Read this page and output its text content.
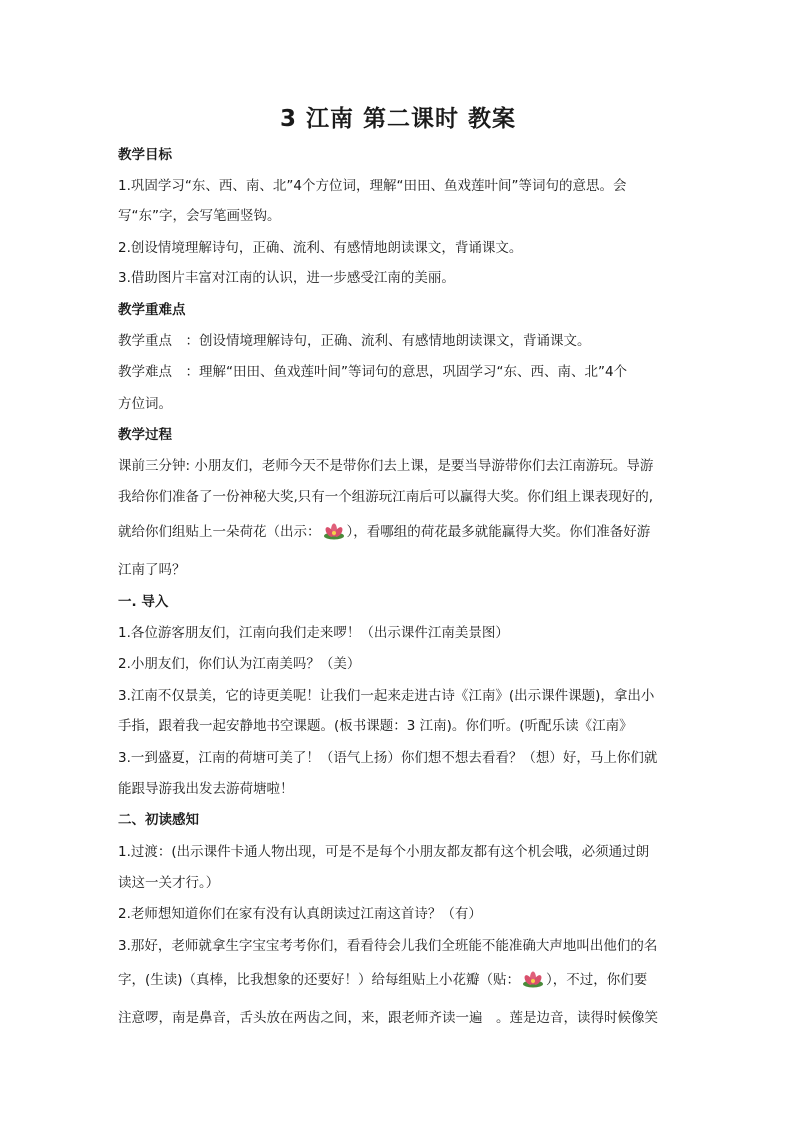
3 江南 第二课时 教案

教学目标

1.巩固学习“东、西、南、北”4个方位词，理解“田田、鱼戏莲叶间”等词句的意思。会

写“东”字，会写笔画竖钩。

2.创设情境理解诗句，正确、流利、有感情地朗读课文，背诵课文。

3.借助图片丰富对江南的认识，进一步感受江南的美丽。

教学重难点

教学重点　：创设情境理解诗句，正确、流利、有感情地朗读课文，背诵课文。

教学难点　：理解“田田、鱼戏莲叶间”等词句的意思，巩固学习“东、西、南、北”4个

方位词。

教学过程

课前三分钟: 小朋友们，老师今天不是带你们去上课，是要当导游带你们去江南游玩。导游

我给你们准备了一份神秘大奖,只有一个组游玩江南后可以赢得大奖。你们组上课表现好的,

就给你们组贴上一朵荷花（出示： ），看哪组的荷花最多就能赢得大奖。你们准备好游

江南了吗？

一. 导入

1.各位游客朋友们，江南向我们走来啰！（出示课件江南美景图）

2.小朋友们，你们认为江南美吗？（美）

3.江南不仅景美，它的诗更美呢！让我们一起来走进古诗《江南》(出示课件课题)，拿出小

手指，跟着我一起安静地书空课题。(板书课题：3 江南)。你们听。(听配乐读《江南》

3.一到盛夏，江南的荷塘可美了！（语气上扬）你们想不想去看看？（想）好，马上你们就

能跟导游我出发去游荷塘啦！

二、初读感知

1.过渡：(出示课件卡通人物出现，可是不是每个小朋友都友都有这个机会哦，必须通过朗

读这一关才行。）

2.老师想知道你们在家有没有认真朗读过江南这首诗？（有）

3.那好，老师就拿生字宝宝考考你们，看看待会儿我们全班能不能准确大声地叫出他们的名

字，(生读)（真棒，比我想象的还要好！）给每组贴上小花瓣（贴： ），不过，你们要

注意啰，南是鼻音，舌头放在两齿之间，来，跟老师齐读一遍　。莲是边音，读得时候像笑
